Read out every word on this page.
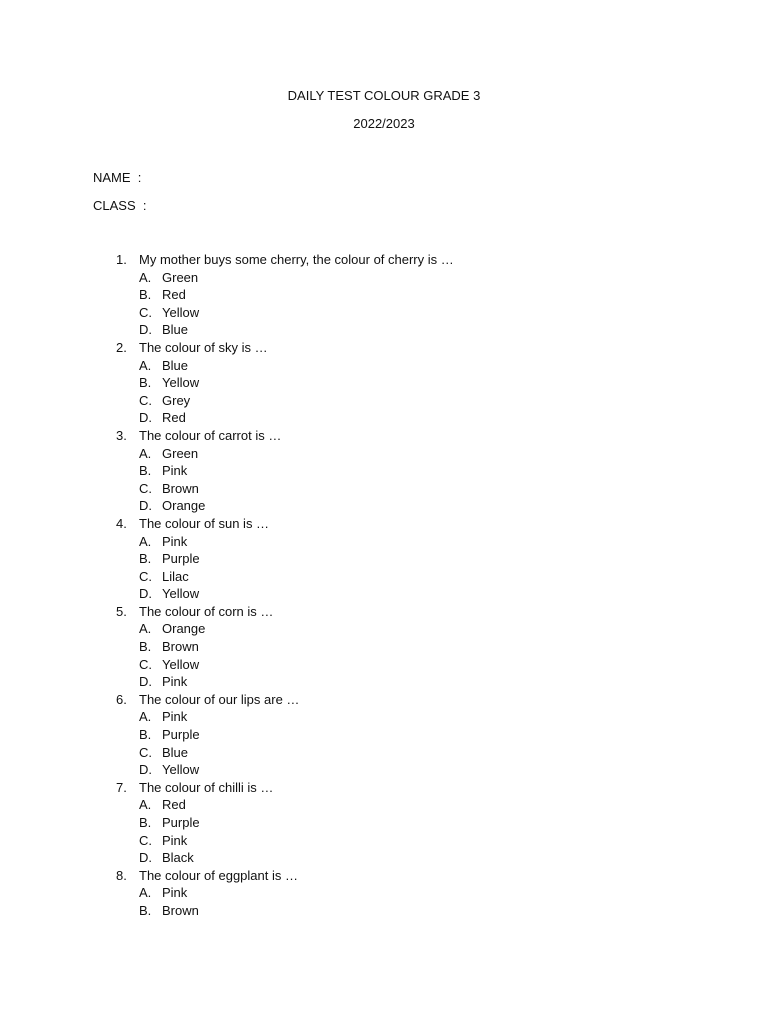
DAILY TEST COLOUR GRADE 3
2022/2023
NAME  :
CLASS  :
1. My mother buys some cherry, the colour of cherry is …
A. Green
B. Red
C. Yellow
D. Blue
2. The colour of sky is …
A. Blue
B. Yellow
C. Grey
D. Red
3. The colour of carrot is …
A. Green
B. Pink
C. Brown
D. Orange
4. The colour of sun is …
A. Pink
B. Purple
C. Lilac
D. Yellow
5. The colour of corn is …
A. Orange
B. Brown
C. Yellow
D. Pink
6. The colour of our lips are …
A. Pink
B. Purple
C. Blue
D. Yellow
7. The colour of chilli is …
A. Red
B. Purple
C. Pink
D. Black
8. The colour of eggplant is …
A. Pink
B. Brown
